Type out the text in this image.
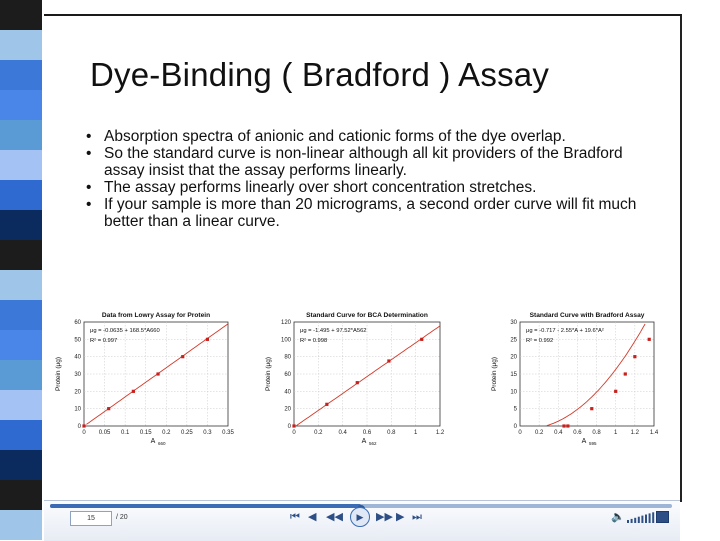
Dye-Binding ( Bradford ) Assay
• Absorption spectra of anionic and cationic forms of the dye overlap.
• So the standard curve is non-linear although all kit providers of the Bradford assay insist that the assay performs linearly.
• The assay performs linearly over short concentration stretches.
• If your sample is more than 20 micrograms, a second order curve will fit much better than a linear curve.
Data from Lowry Assay for Protein
0
10
20
30
40
50
60
0 0.05 0.1 0.15 0.2 0.25 0.3 0.35
Protein (μg)
A 660
μg = -0.0635 + 168.5*A660
R² = 0.997
Standard Curve for BCA Determination
0
20
40
60
80
100
120
0	0.2	0.4	0.6	0.8	1	1.2
Protein (μg)
A 562
μg = -1.495 + 97.52*A562
R² = 0.998
Standard Curve with Bradford Assay
0
5
10
15
20
25
30
0 0.2 0.4 0.6 0.8 1 1.2 1.4
Protein (μg)
A 595
μg = -0.717 - 2.55*A + 19.6*A²
R² = 0.992
15	/ 20	⏮ ◀ ◀◀	▶	▶▶ ▶ ⏭	🔈
